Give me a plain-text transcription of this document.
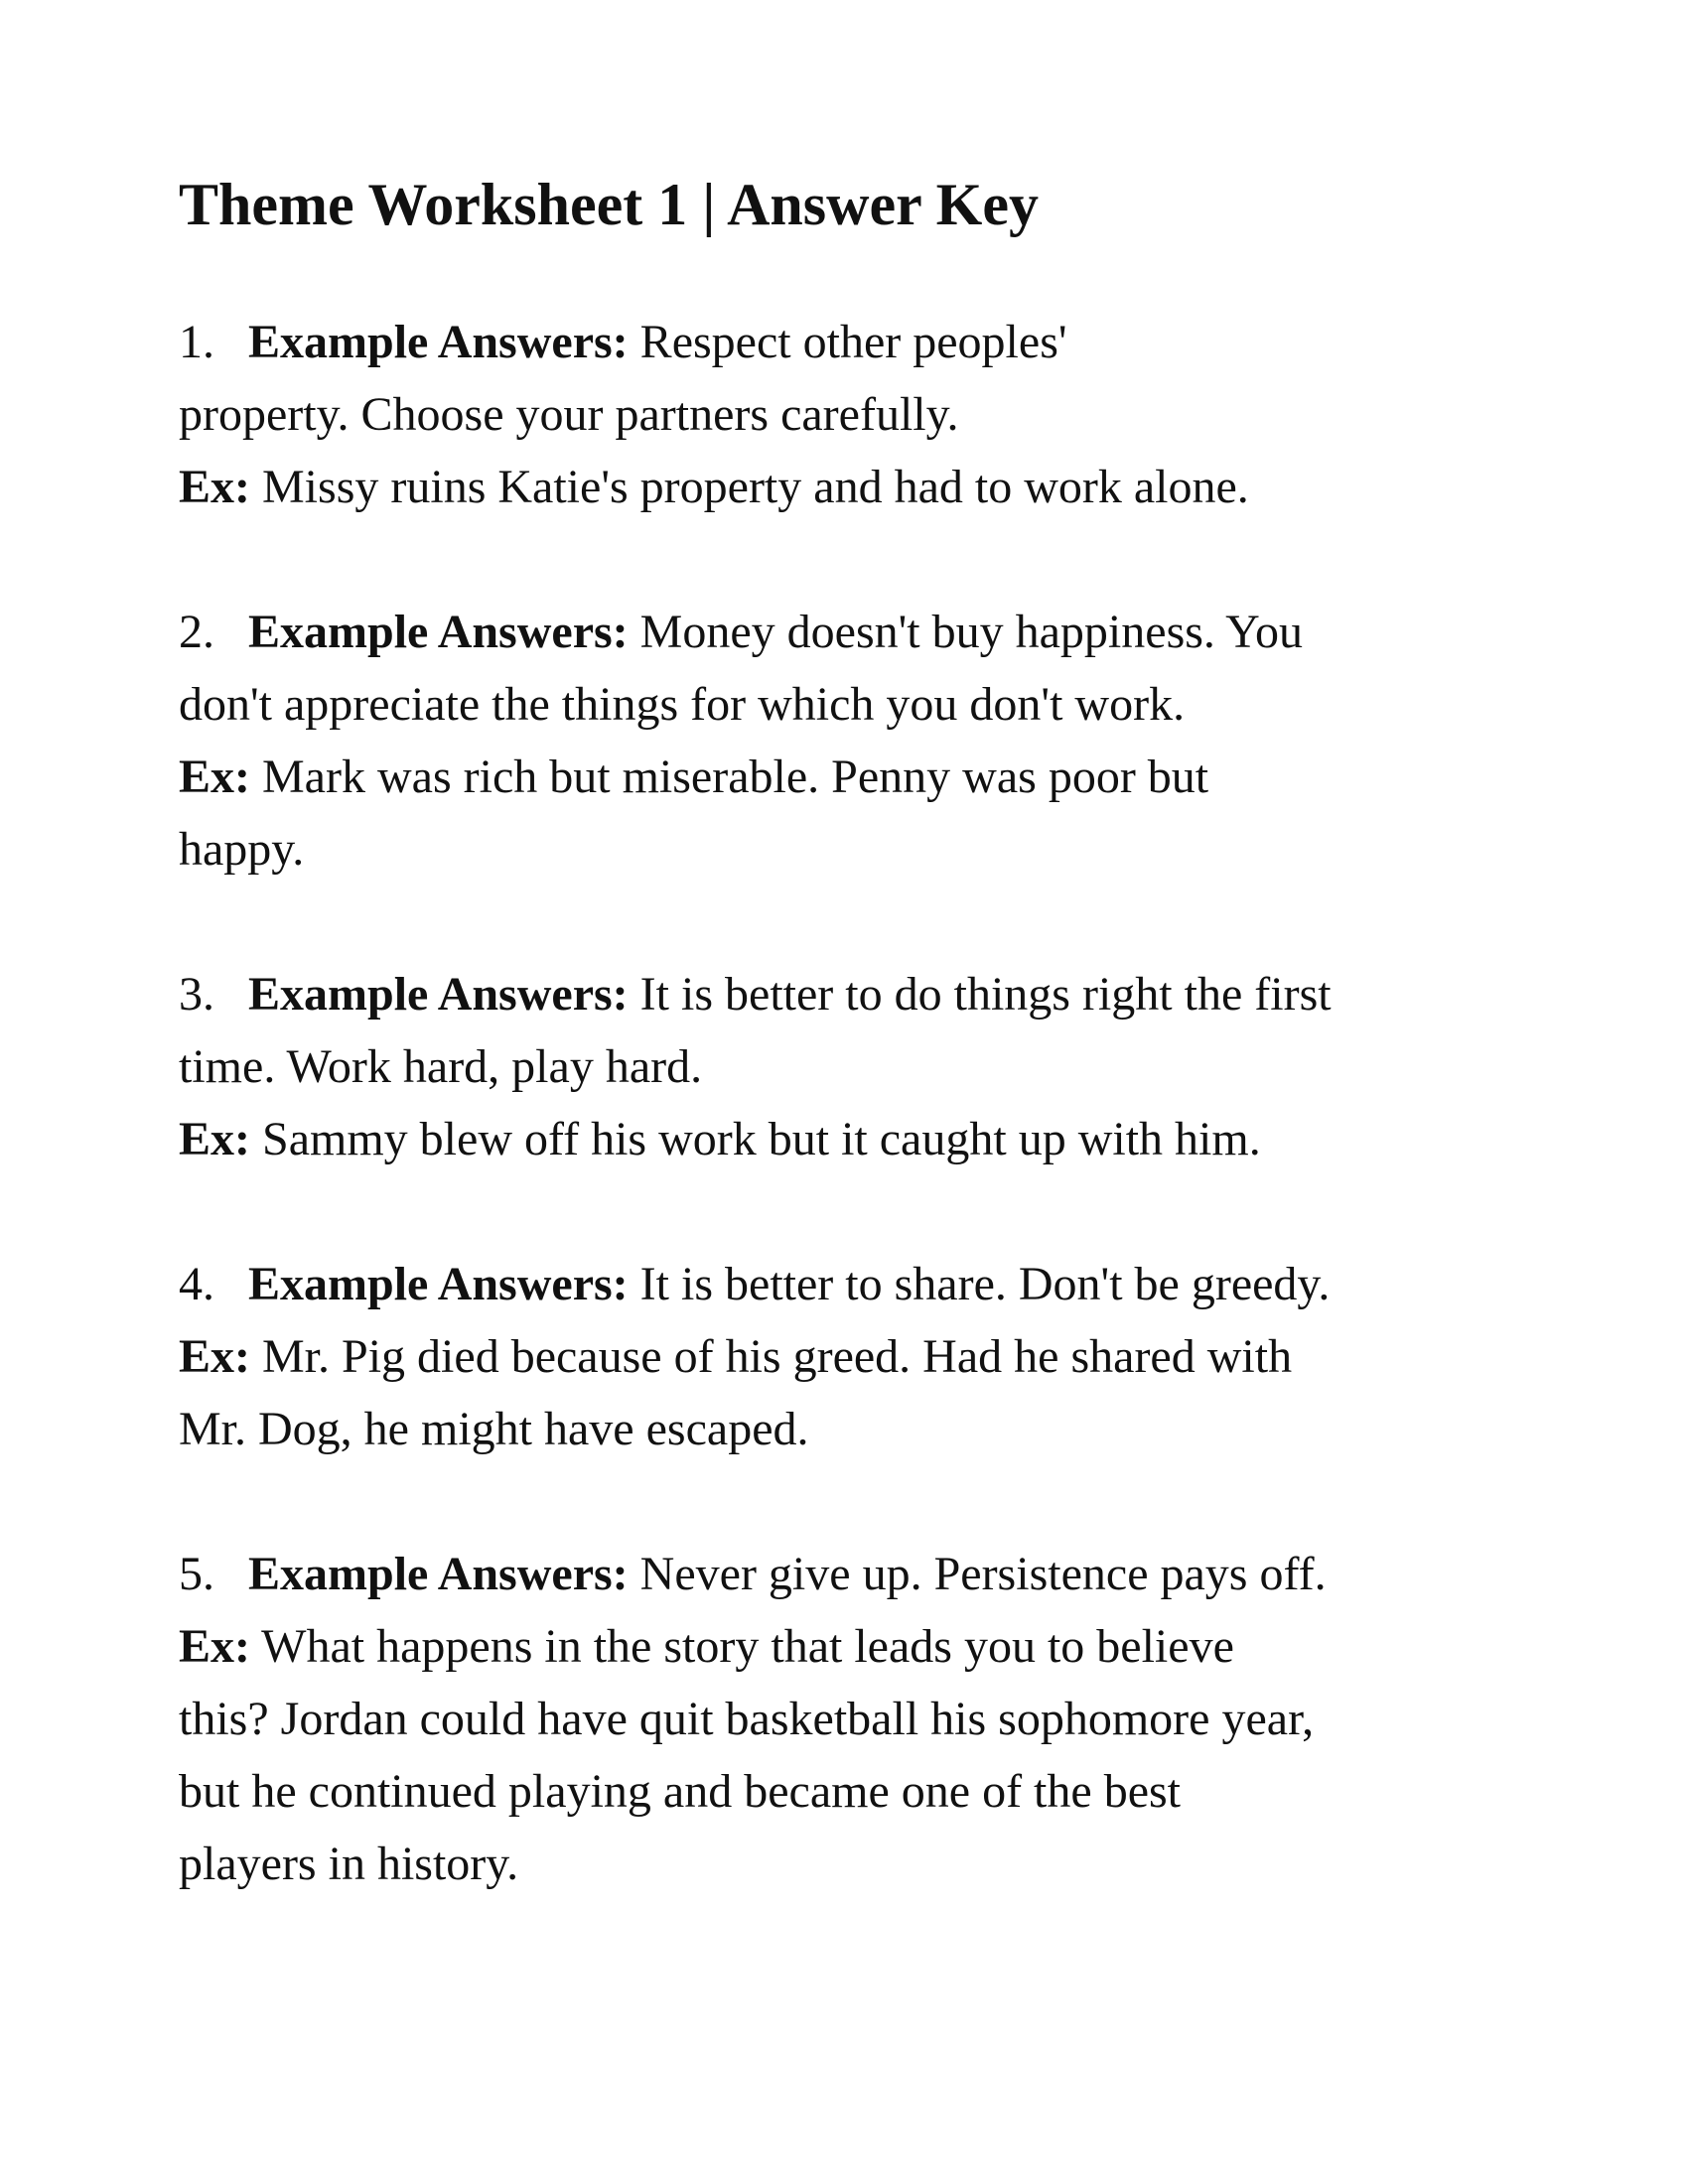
Theme Worksheet 1 | Answer Key
1. Example Answers: Respect other peoples'
property. Choose your partners carefully.
Ex: Missy ruins Katie's property and had to work alone.
2. Example Answers: Money doesn't buy happiness. You
don't appreciate the things for which you don't work.
Ex: Mark was rich but miserable. Penny was poor but
happy.
3. Example Answers: It is better to do things right the first
time. Work hard, play hard.
Ex: Sammy blew off his work but it caught up with him.
4. Example Answers: It is better to share. Don't be greedy.
Ex: Mr. Pig died because of his greed. Had he shared with
Mr. Dog, he might have escaped.
5. Example Answers: Never give up. Persistence pays off.
Ex: What happens in the story that leads you to believe
this? Jordan could have quit basketball his sophomore year,
but he continued playing and became one of the best
players in history.
